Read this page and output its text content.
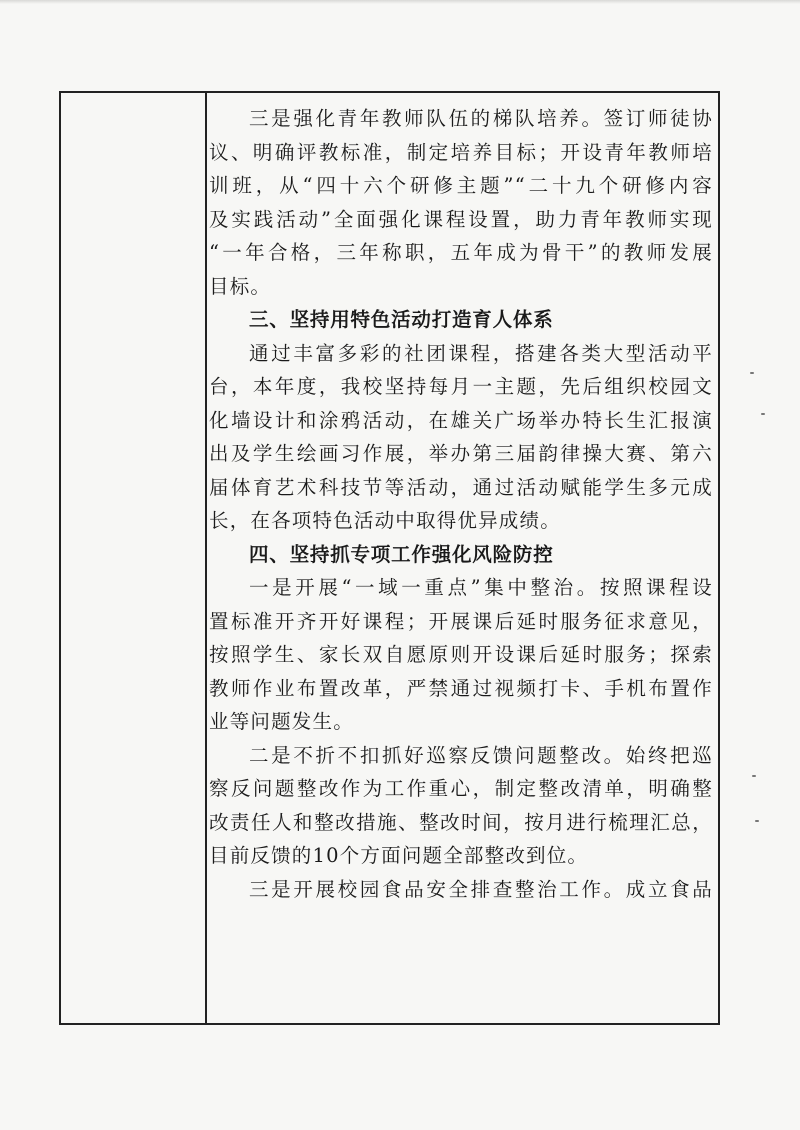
三是强化青年教师队伍的梯队培养。签订师徒协
议、明确评教标准，制定培养目标；开设青年教师培
训班，从“四十六个研修主题”“二十九个研修内容
及实践活动”全面强化课程设置，助力青年教师实现
“一年合格，三年称职，五年成为骨干”的教师发展
目标。
三、坚持用特色活动打造育人体系
通过丰富多彩的社团课程，搭建各类大型活动平
台，本年度，我校坚持每月一主题，先后组织校园文
化墙设计和涂鸦活动，在雄关广场举办特长生汇报演
出及学生绘画习作展，举办第三届韵律操大赛、第六
届体育艺术科技节等活动，通过活动赋能学生多元成
长，在各项特色活动中取得优异成绩。
四、坚持抓专项工作强化风险防控
一是开展“一域一重点”集中整治。按照课程设
置标准开齐开好课程；开展课后延时服务征求意见，
按照学生、家长双自愿原则开设课后延时服务；探索
教师作业布置改革，严禁通过视频打卡、手机布置作
业等问题发生。
二是不折不扣抓好巡察反馈问题整改。始终把巡
察反问题整改作为工作重心，制定整改清单，明确整
改责任人和整改措施、整改时间，按月进行梳理汇总，
目前反馈的10个方面问题全部整改到位。
三是开展校园食品安全排查整治工作。成立食品
